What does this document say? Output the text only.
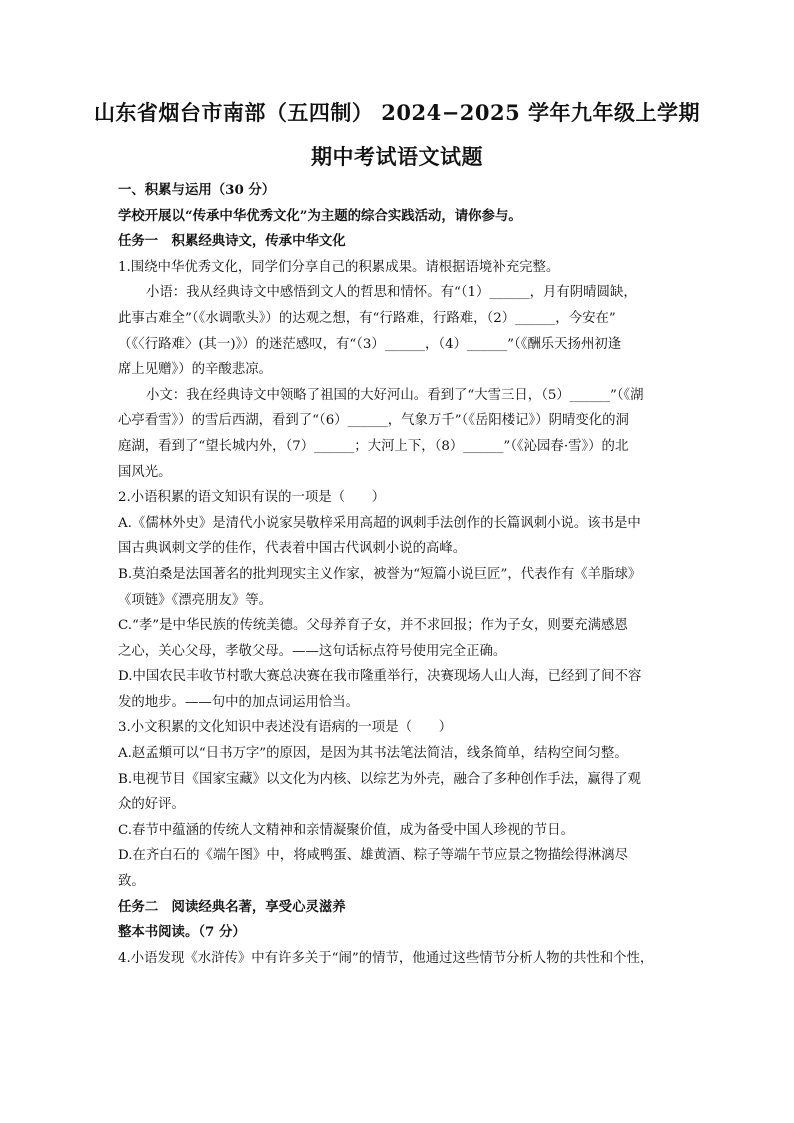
山东省烟台市南部（五四制） 2024−2025 学年九年级上学期
期中考试语文试题

一、积累与运用（30 分）

学校开展以“传承中华优秀文化”为主题的综合实践活动，请你参与。

任务一　积累经典诗文，传承中华文化

1.围绕中华优秀文化，同学们分享自己的积累成果。请根据语境补充完整。

小语：我从经典诗文中感悟到文人的哲思和情怀。有“（1）______，月有阴晴圆缺，

此事古难全”（《水调歌头》）的达观之想，有“行路难，行路难，（2）______，今安在”

（《〈行路难〉(其一)》）的迷茫感叹，有“（3）______，（4）______”（《酬乐天扬州初逢

席上见赠》）的辛酸悲凉。

小文：我在经典诗文中领略了祖国的大好河山。看到了“大雪三日，（5）______”（《湖

心亭看雪》）的雪后西湖，看到了“（6）______，气象万千”（《岳阳楼记》）阴晴变化的洞

庭湖，看到了“望长城内外，（7）______；大河上下，（8）______”（《沁园春·雪》）的北

国风光。

2.小语积累的语文知识有误的一项是（　　）

A.《儒林外史》是清代小说家吴敬梓采用高超的讽刺手法创作的长篇讽刺小说。该书是中

国古典讽刺文学的佳作，代表着中国古代讽刺小说的高峰。

B.莫泊桑是法国著名的批判现实主义作家，被誉为“短篇小说巨匠”，代表作有《羊脂球》

《项链》《漂亮朋友》等。

C.“孝”是中华民族的传统美德。父母养育子女，并不求回报；作为子女，则要充满感恩

之心，关心父母，孝敬父母。——这句话标点符号使用完全正确。

D.中国农民丰收节村歌大赛总决赛在我市隆重举行，决赛现场人山人海，已经到了间不容

发的地步。——句中的加点词运用恰当。

3.小文积累的文化知识中表述没有语病的一项是（　　）

A.赵孟頫可以“日书万字”的原因，是因为其书法笔法简洁，线条简单，结构空间匀整。

B.电视节目《国家宝藏》以文化为内核、以综艺为外壳，融合了多种创作手法，赢得了观

众的好评。

C.春节中蕴涵的传统人文精神和亲情凝聚价值，成为备受中国人珍视的节日。

D.在齐白石的《端午图》中，将咸鸭蛋、雄黄酒、粽子等端午节应景之物描绘得淋漓尽

致。

任务二　阅读经典名著，享受心灵滋养

整本书阅读。（7 分）

4.小语发现《水浒传》中有许多关于“闹”的情节，他通过这些情节分析人物的共性和个性，
